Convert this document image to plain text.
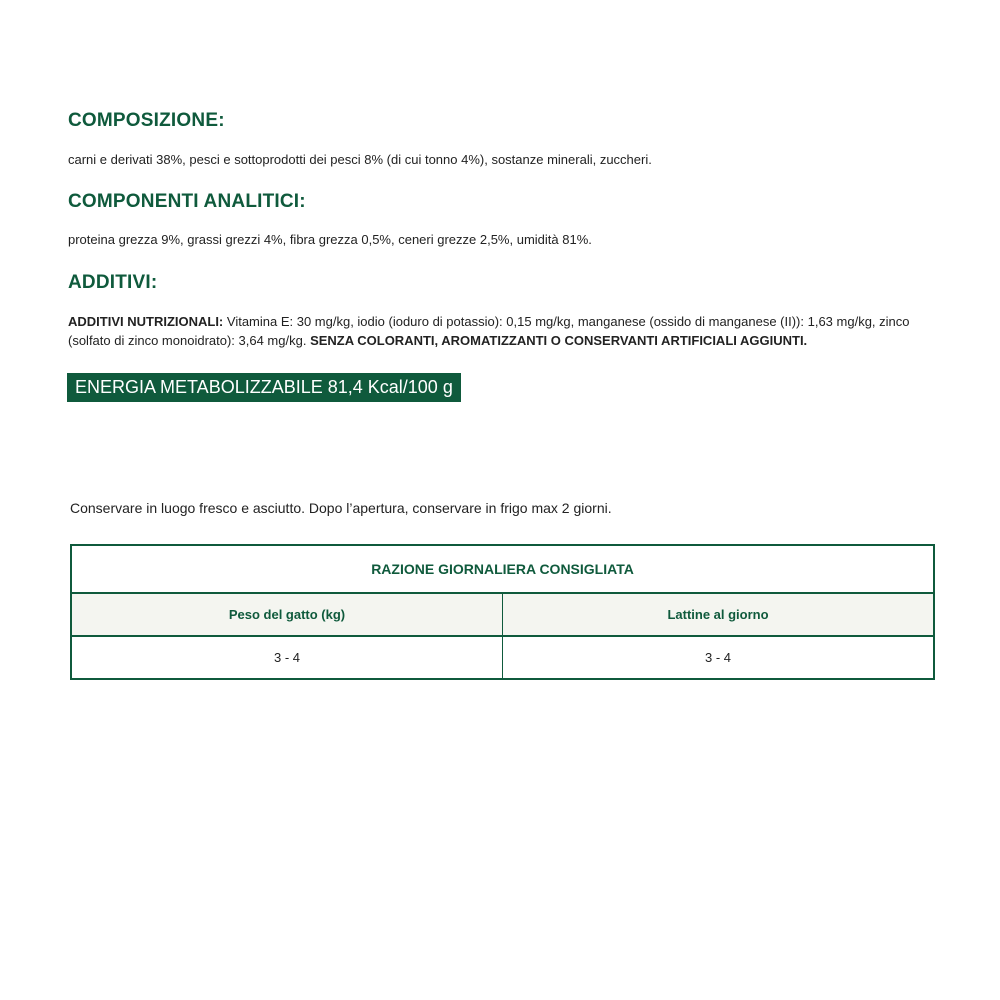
COMPOSIZIONE:

carni e derivati 38%, pesci e sottoprodotti dei pesci 8% (di cui tonno 4%), sostanze minerali, zuccheri.

COMPONENTI ANALITICI:

proteina grezza 9%, grassi grezzi 4%, fibra grezza 0,5%, ceneri grezze 2,5%, umidità 81%.

ADDITIVI:

ADDITIVI NUTRIZIONALI: Vitamina E: 30 mg/kg, iodio (ioduro di potassio): 0,15 mg/kg, manganese (ossido di manganese (II)): 1,63 mg/kg, zinco (solfato di zinco monoidrato): 3,64 mg/kg. SENZA COLORANTI, AROMATIZZANTI O CONSERVANTI ARTIFICIALI AGGIUNTI.

ENERGIA METABOLIZZABILE 81,4 Kcal/100 g

Conservare in luogo fresco e asciutto. Dopo l’apertura, conservare in frigo max 2 giorni.

RAZIONE GIORNALIERA CONSIGLIATA	
Peso del gatto (kg)	Lattine al giorno
3 - 4	3 - 4
